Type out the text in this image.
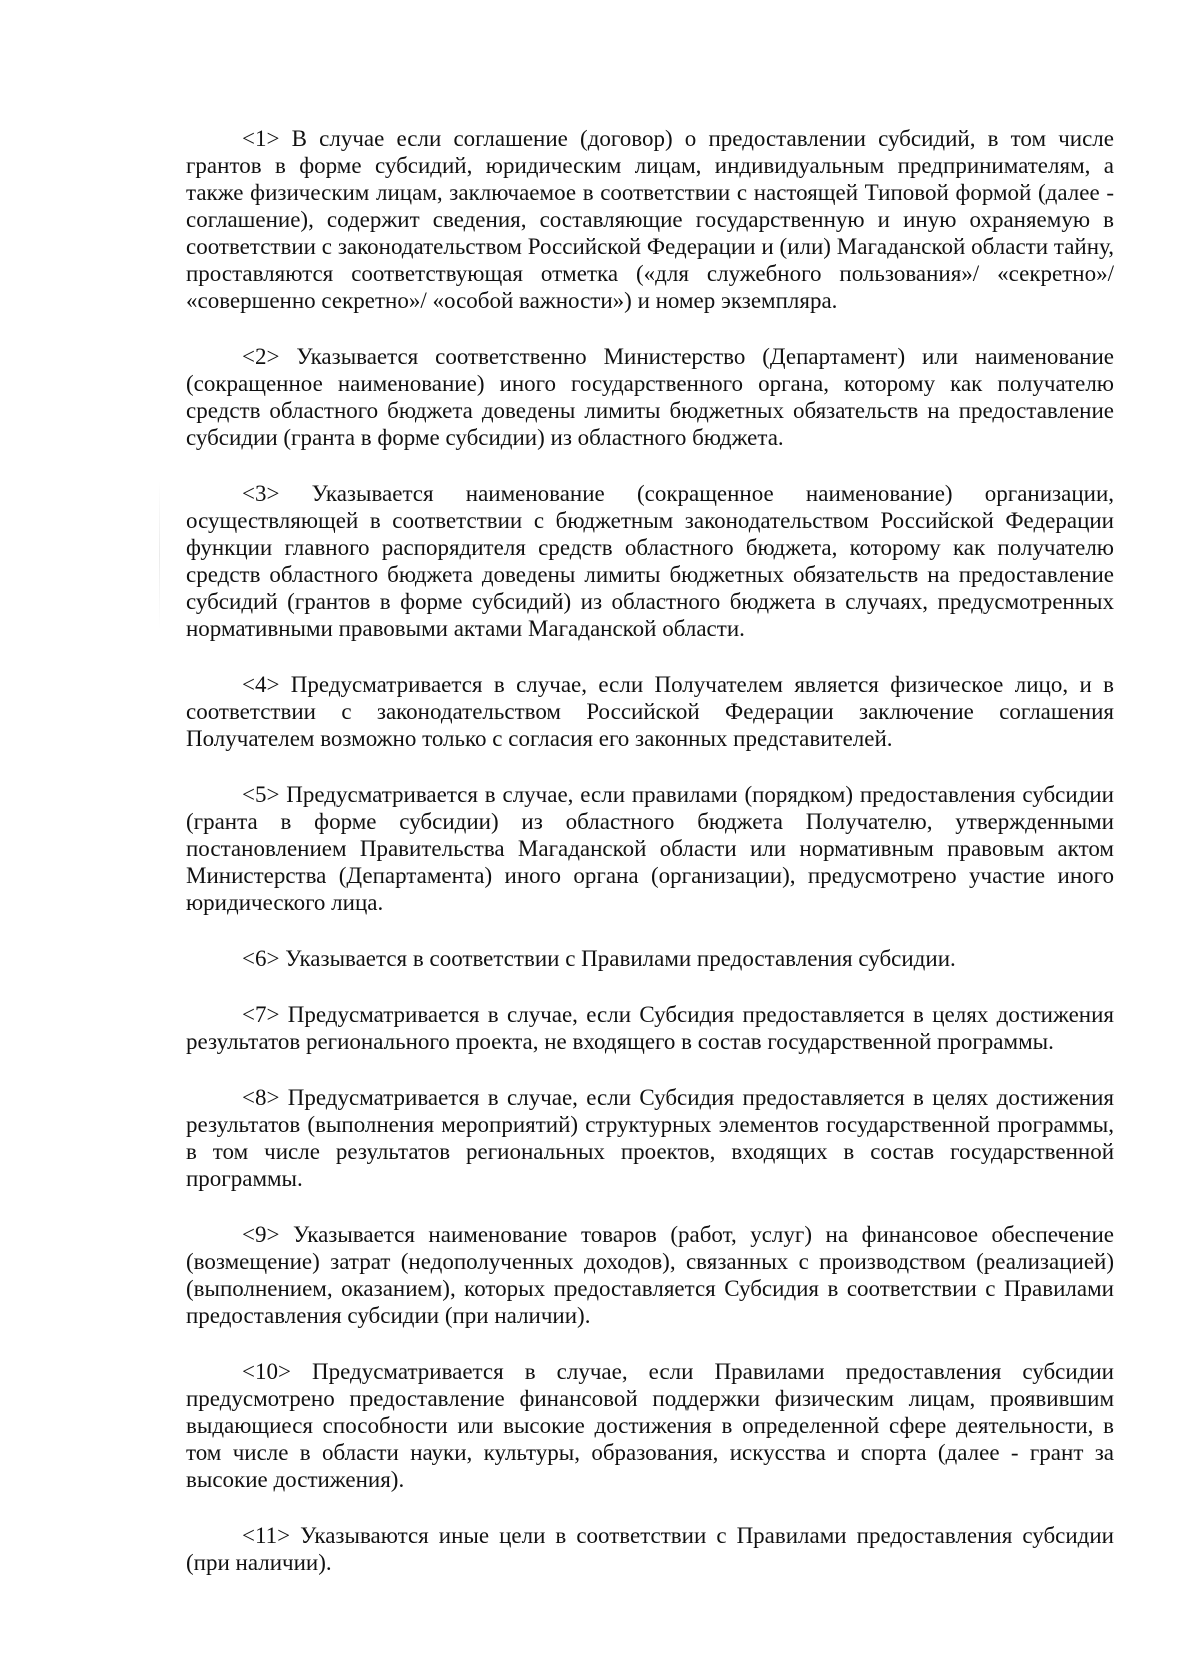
<1> В случае если соглашение (договор) о предоставлении субсидий, в том числе грантов в форме субсидий, юридическим лицам, индивидуальным предпринимателям, а также физическим лицам, заключаемое в соответствии с настоящей Типовой формой (далее - соглашение), содержит сведения, составляющие государственную и иную охраняемую в соответствии с законодательством Российской Федерации и (или) Магаданской области тайну, проставляются соответствующая отметка («для служебного пользования»/ «секретно»/ «совершенно секретно»/ «особой важности») и номер экземпляра.

<2> Указывается соответственно Министерство (Департамент) или наименование (сокращенное наименование) иного государственного органа, которому как получателю средств областного бюджета доведены лимиты бюджетных обязательств на предоставление субсидии (гранта в форме субсидии) из областного бюджета.

<3> Указывается наименование (сокращенное наименование) организации, осуществляющей в соответствии с бюджетным законодательством Российской Федерации функции главного распорядителя средств областного бюджета, которому как получателю средств областного бюджета доведены лимиты бюджетных обязательств на предоставление субсидий (грантов в форме субсидий) из областного бюджета в случаях, предусмотренных нормативными правовыми актами Магаданской области.

<4> Предусматривается в случае, если Получателем является физическое лицо, и в соответствии с законодательством Российской Федерации заключение соглашения Получателем возможно только с согласия его законных представителей.

<5> Предусматривается в случае, если правилами (порядком) предоставления субсидии (гранта в форме субсидии) из областного бюджета Получателю, утвержденными постановлением Правительства Магаданской области или нормативным правовым актом Министерства (Департамента) иного органа (организации), предусмотрено участие иного юридического лица.

<6> Указывается в соответствии с Правилами предоставления субсидии.

<7> Предусматривается в случае, если Субсидия предоставляется в целях достижения результатов регионального проекта, не входящего в состав государственной программы.

<8> Предусматривается в случае, если Субсидия предоставляется в целях достижения результатов (выполнения мероприятий) структурных элементов государственной программы, в том числе результатов региональных проектов, входящих в состав государственной программы.

<9> Указывается наименование товаров (работ, услуг) на финансовое обеспечение (возмещение) затрат (недополученных доходов), связанных с производством (реализацией) (выполнением, оказанием), которых предоставляется Субсидия в соответствии с Правилами предоставления субсидии (при наличии).

<10> Предусматривается в случае, если Правилами предоставления субсидии предусмотрено предоставление финансовой поддержки физическим лицам, проявившим выдающиеся способности или высокие достижения в определенной сфере деятельности, в том числе в области науки, культуры, образования, искусства и спорта (далее - грант за высокие достижения).

<11> Указываются иные цели в соответствии с Правилами предоставления субсидии (при наличии).
